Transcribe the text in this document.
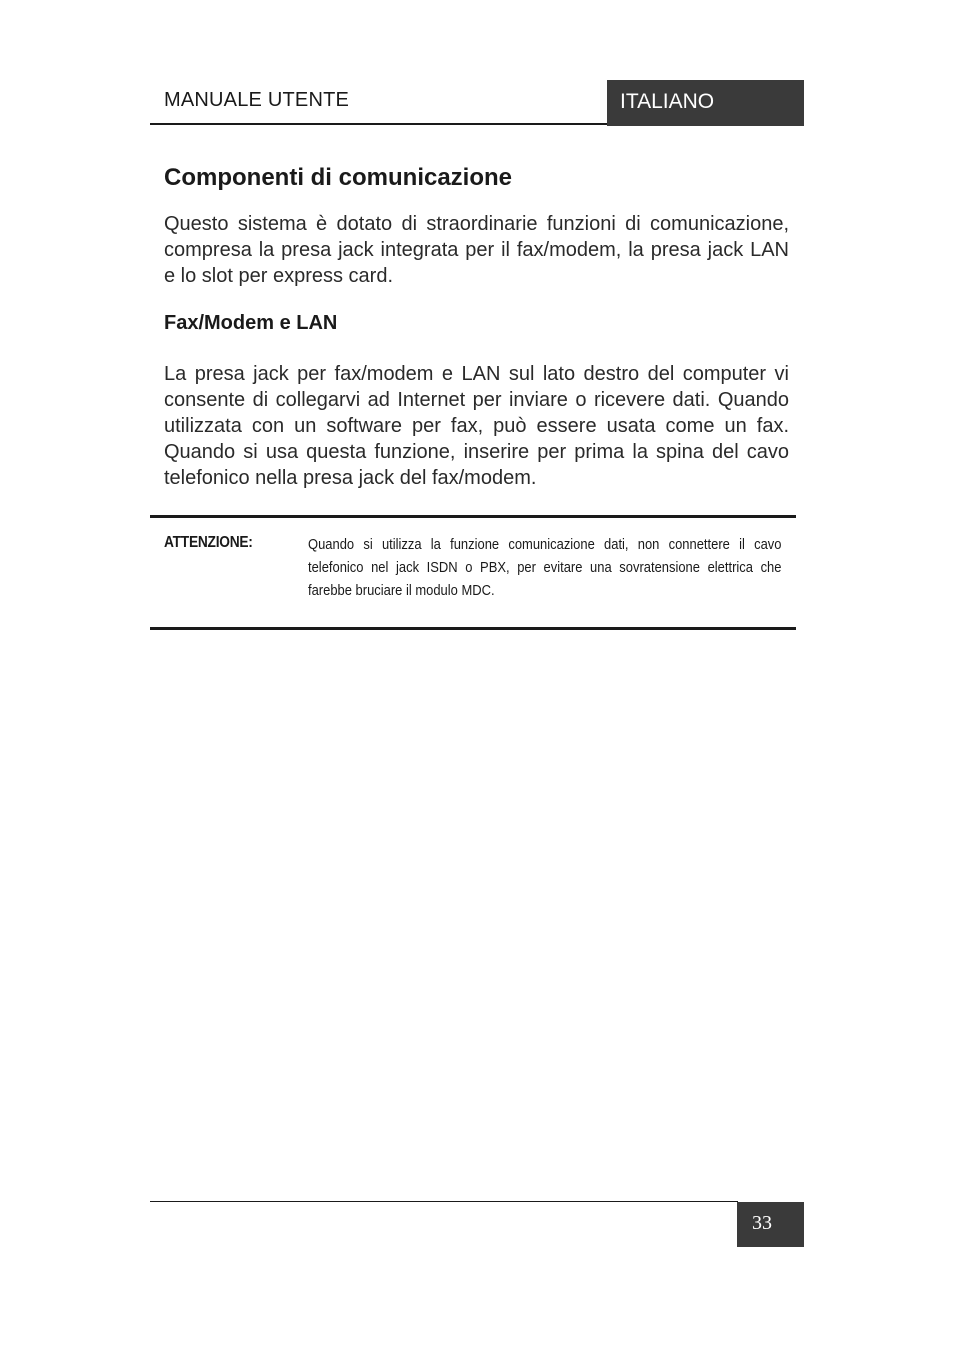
MANUALE UTENTE	ITALIANO
Componenti di comunicazione

Questo sistema è dotato di straordinarie funzioni di comunicazione, compresa la presa jack integrata per il fax/modem, la presa jack LAN e lo slot per express card.

Fax/Modem e LAN

La presa jack per fax/modem e LAN sul lato destro del computer vi consente di collegarvi ad Internet per inviare o ricevere dati. Quando utilizzata con un software per fax, può essere usata come un fax. Quando si usa questa funzione, inserire per prima la spina del cavo telefonico nella presa jack del fax/modem.

ATTENZIONE:	Quando si utilizza la funzione comunicazione dati, non connettere il cavo telefonico nel jack ISDN o PBX, per evitare una sovratensione elettrica che farebbe bruciare il modulo MDC.

33
